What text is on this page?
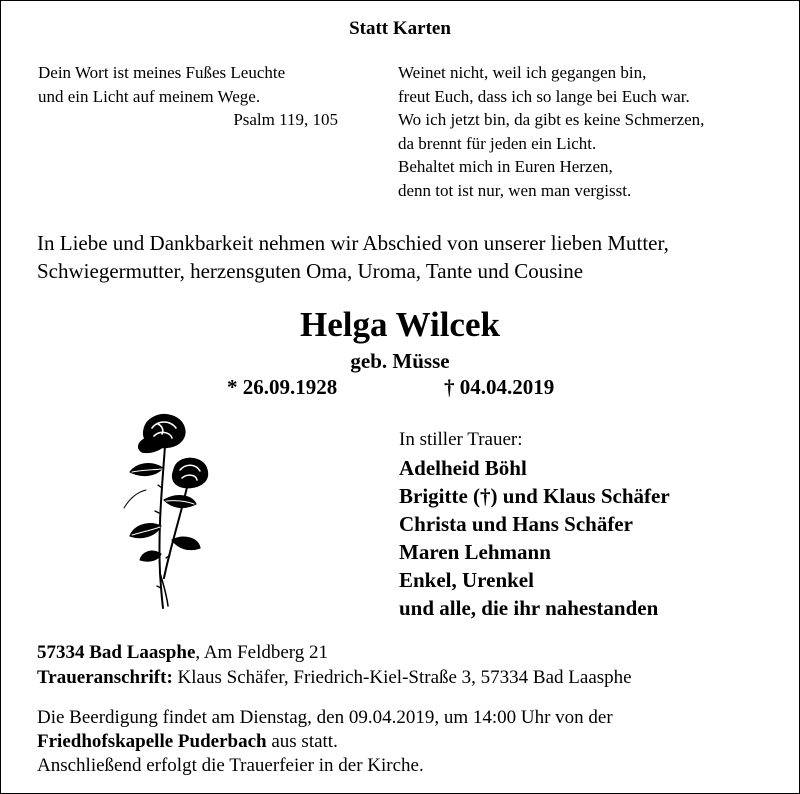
Statt Karten
Dein Wort ist meines Fußes Leuchte
und ein Licht auf meinem Wege.
Psalm 119, 105
Weinet nicht, weil ich gegangen bin,
freut Euch, dass ich so lange bei Euch war.
Wo ich jetzt bin, da gibt es keine Schmerzen,
da brennt für jeden ein Licht.
Behaltet mich in Euren Herzen,
denn tot ist nur, wen man vergisst.
In Liebe und Dankbarkeit nehmen wir Abschied von unserer lieben Mutter,
Schwiegermutter, herzensguten Oma, Uroma, Tante und Cousine
Helga Wilcek
geb. Müsse
* 26.09.1928	† 04.04.2019
In stiller Trauer:
Adelheid Böhl
Brigitte (†) und Klaus Schäfer
Christa und Hans Schäfer
Maren Lehmann
Enkel, Urenkel
und alle, die ihr nahestanden
57334 Bad Laasphe, Am Feldberg 21
Traueranschrift: Klaus Schäfer, Friedrich-Kiel-Straße 3, 57334 Bad Laasphe
Die Beerdigung findet am Dienstag, den 09.04.2019, um 14:00 Uhr von der
Friedhofskapelle Puderbach aus statt.
Anschließend erfolgt die Trauerfeier in der Kirche.
